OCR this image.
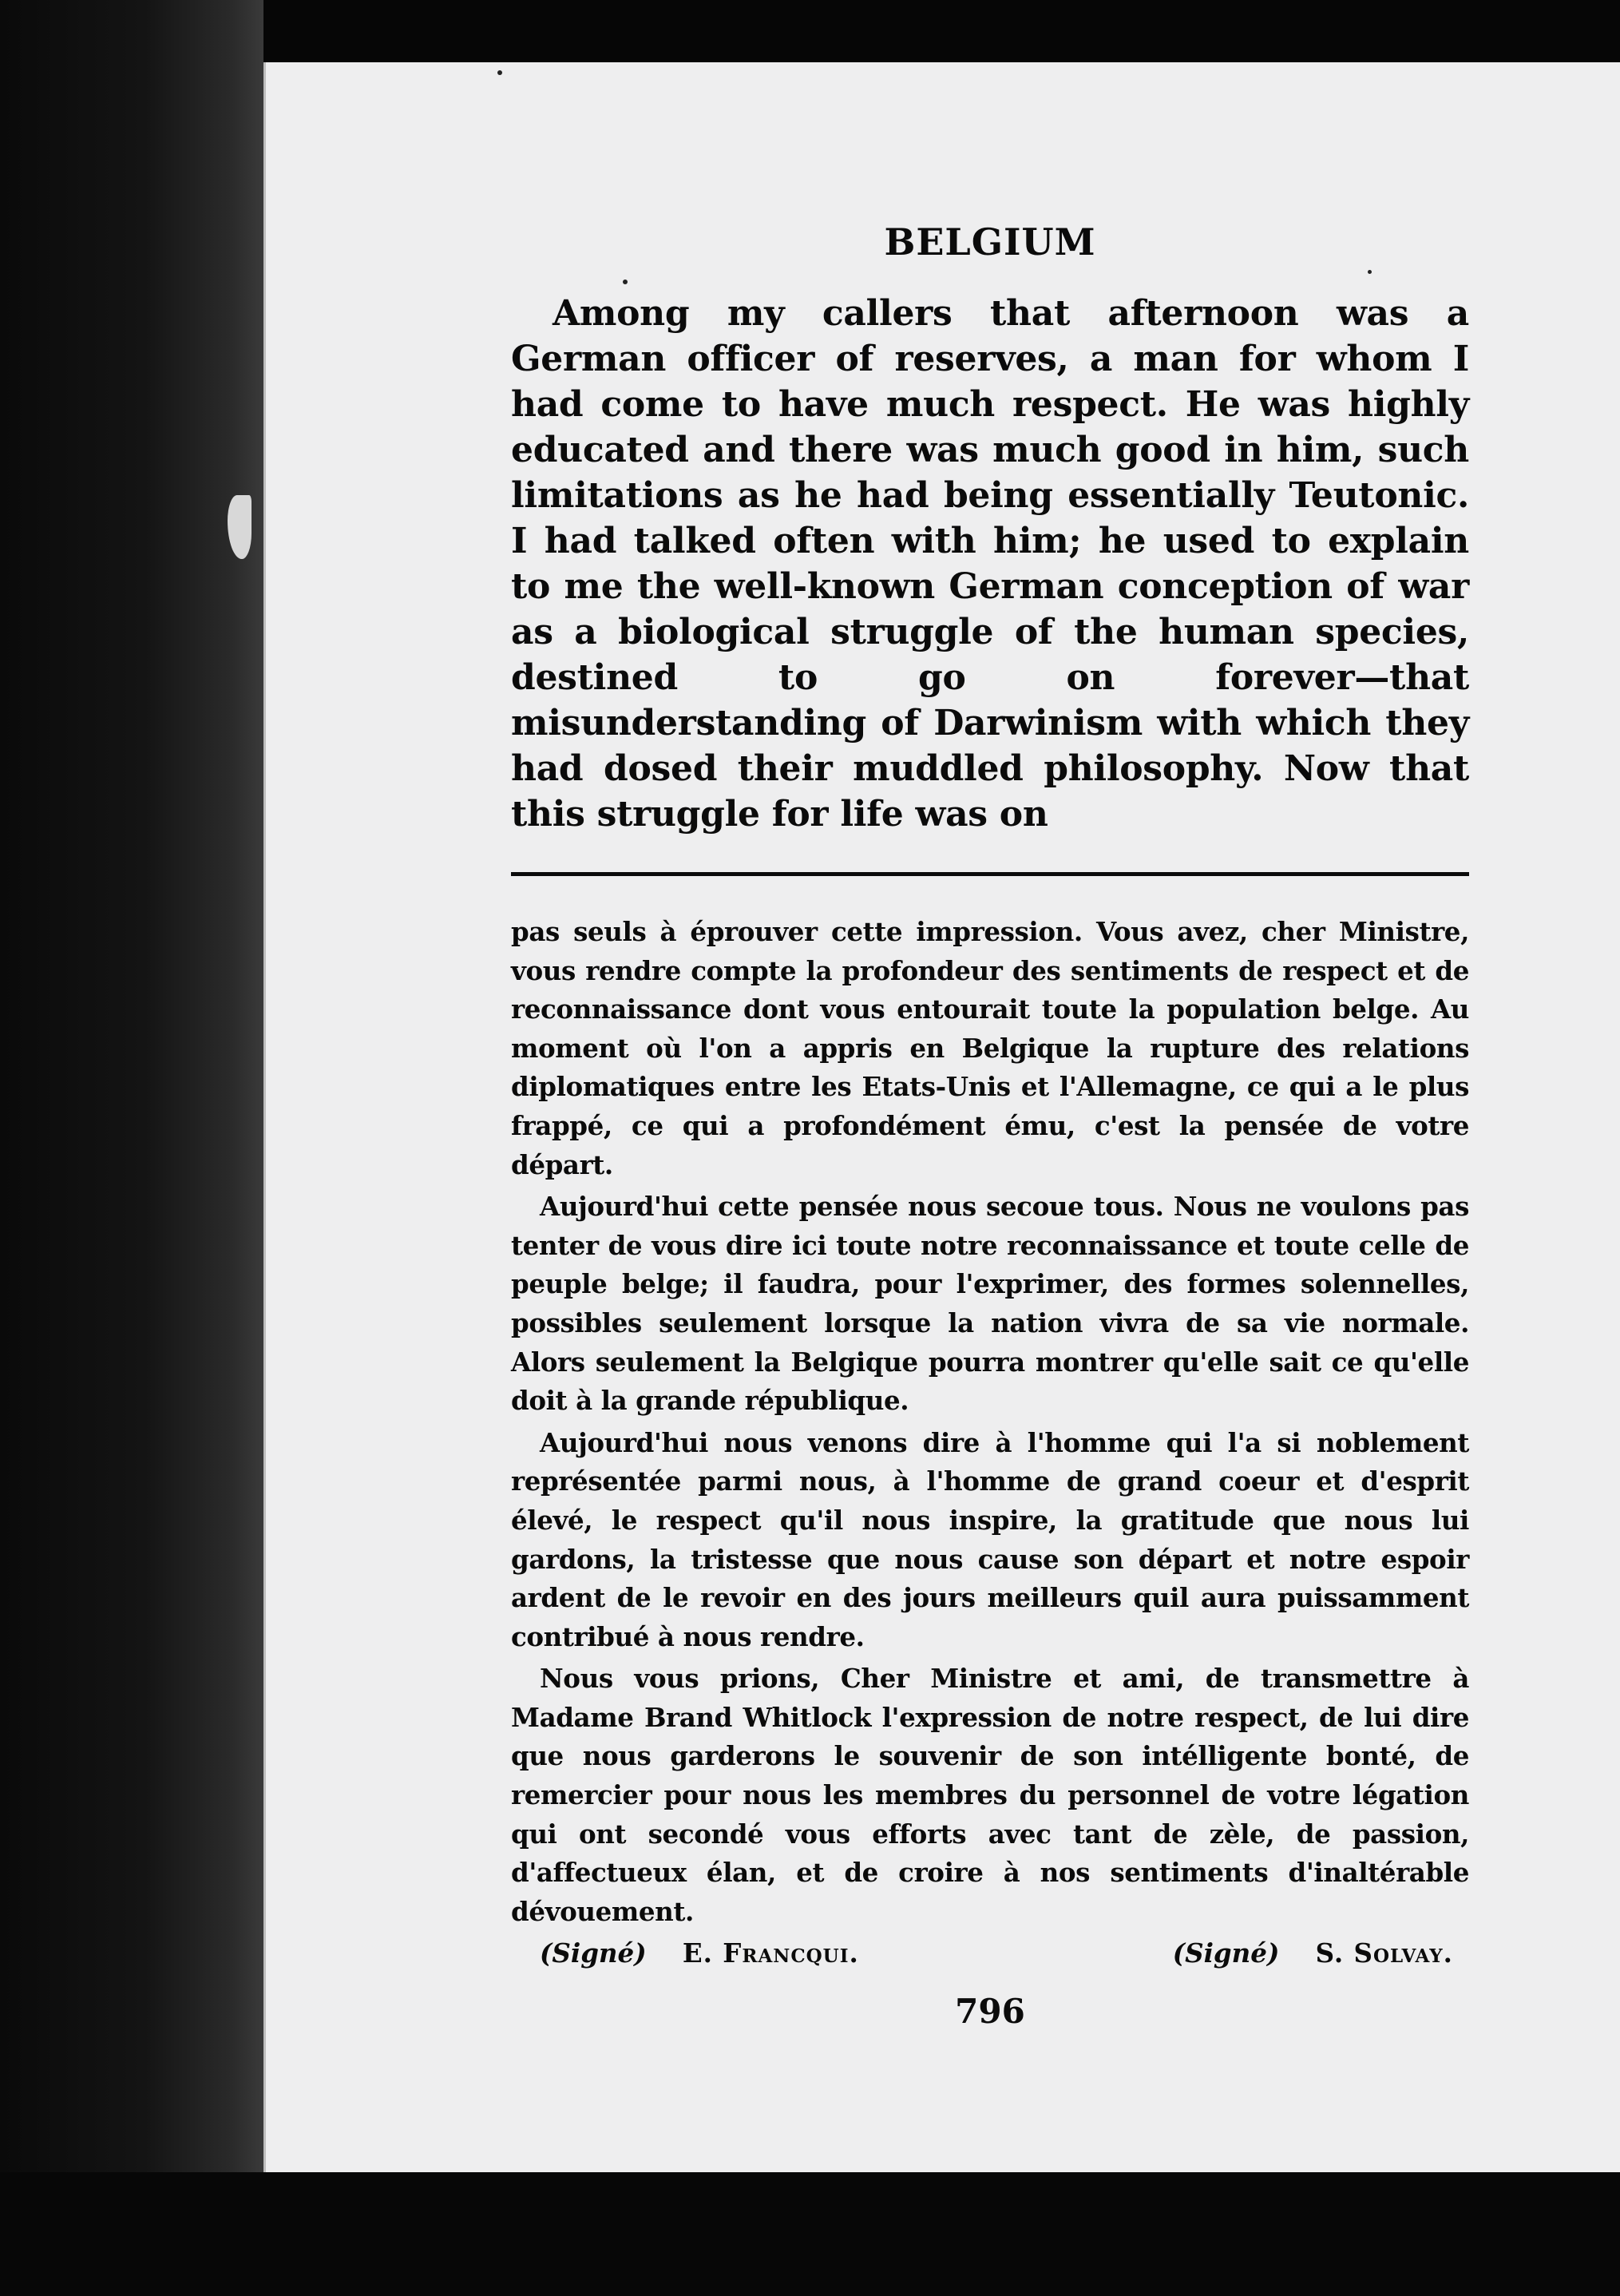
BELGIUM

Among my callers that afternoon was a German officer of reserves, a man for whom I had come to have much respect. He was highly educated and there was much good in him, such limitations as he had being essentially Teutonic. I had talked often with him; he used to explain to me the well-known German conception of war as a biological struggle of the human species, destined to go on forever—that misunderstanding of Darwinism with which they had dosed their muddled philosophy. Now that this struggle for life was on

pas seuls à éprouver cette impression. Vous avez, cher Ministre, vous rendre compte la profondeur des sentiments de respect et de reconnaissance dont vous entourait toute la population belge. Au moment où l'on a appris en Belgique la rupture des relations diplomatiques entre les Etats-Unis et l'Allemagne, ce qui a le plus frappé, ce qui a profondément ému, c'est la pensée de votre départ.

Aujourd'hui cette pensée nous secoue tous. Nous ne voulons pas tenter de vous dire ici toute notre reconnaissance et toute celle de peuple belge; il faudra, pour l'exprimer, des formes solennelles, possibles seulement lorsque la nation vivra de sa vie normale. Alors seulement la Belgique pourra montrer qu'elle sait ce qu'elle doit à la grande république.

Aujourd'hui nous venons dire à l'homme qui l'a si noblement représentée parmi nous, à l'homme de grand coeur et d'esprit élevé, le respect qu'il nous inspire, la gratitude que nous lui gardons, la tristesse que nous cause son départ et notre espoir ardent de le revoir en des jours meilleurs quil aura puissamment contribué à nous rendre.

Nous vous prions, Cher Ministre et ami, de transmettre à Madame Brand Whitlock l'expression de notre respect, de lui dire que nous garderons le souvenir de son intélligente bonté, de remercier pour nous les membres du personnel de votre légation qui ont secondé vous efforts avec tant de zèle, de passion, d'affectueux élan, et de croire à nos sentiments d'inaltérable dévouement.

(Signé) E. Francqui.	(Signé) S. Solvay.
796
